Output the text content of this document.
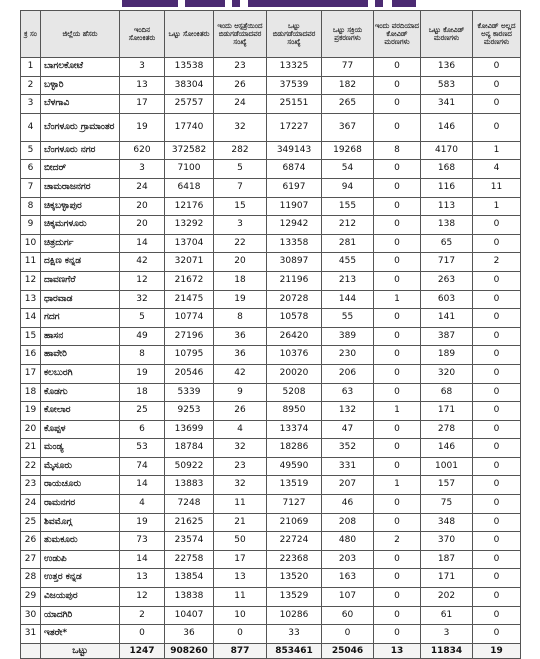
ಕ್ರ ಸಂ	ಜಿಲ್ಲೆಯ ಹೆಸರು	ಇಂದಿನ ಸೋಂಕಿತರು	ಒಟ್ಟು ಸೋಂಕಿತರು	ಇಂದು ಆಸ್ಪತ್ರೆಯಿಂದ ಬಿಡುಗಡೆಯಾದವರ ಸಂಖ್ಯೆ	ಒಟ್ಟು ಬಿಡುಗಡೆಯಾದವರ ಸಂಖ್ಯೆ	ಒಟ್ಟು ಸಕ್ರಿಯ ಪ್ರಕರಣಗಳು	ಇಂದು ವರದಿಯಾದ ಕೋವಿಡ್ ಮರಣಗಳು	ಒಟ್ಟು ಕೋವಿಡ್ ಮರಣಗಳು	ಕೋವಿಡ್ ಅಲ್ಲದ ಅನ್ಯ ಕಾರಣದ ಮರಣಗಳು
1	ಬಾಗಲಕೋಟೆ	3	13538	23	13325	77	0	136	0
2	ಬಳ್ಳಾರಿ	13	38304	26	37539	182	0	583	0
3	ಬೆಳಗಾವಿ	17	25757	24	25151	265	0	341	0
4	ಬೆಂಗಳೂರು ಗ್ರಾಮಾಂತರ	19	17740	32	17227	367	0	146	0
5	ಬೆಂಗಳೂರು ನಗರ	620	372582	282	349143	19268	8	4170	1
6	ಬೀದರ್	3	7100	5	6874	54	0	168	4
7	ಚಾಮರಾಜನಗರ	24	6418	7	6197	94	0	116	11
8	ಚಿಕ್ಕಬಳ್ಳಾಪುರ	20	12176	15	11907	155	0	113	1
9	ಚಿಕ್ಕಮಗಳೂರು	20	13292	3	12942	212	0	138	0
10	ಚಿತ್ರದುರ್ಗ	14	13704	22	13358	281	0	65	0
11	ದಕ್ಷಿಣ ಕನ್ನಡ	42	32071	20	30897	455	0	717	2
12	ದಾವಣಗೆರೆ	12	21672	18	21196	213	0	263	0
13	ಧಾರವಾಡ	32	21475	19	20728	144	1	603	0
14	ಗದಗ	5	10774	8	10578	55	0	141	0
15	ಹಾಸನ	49	27196	36	26420	389	0	387	0
16	ಹಾವೇರಿ	8	10795	36	10376	230	0	189	0
17	ಕಲಬುರಗಿ	19	20546	42	20020	206	0	320	0
18	ಕೊಡಗು	18	5339	9	5208	63	0	68	0
19	ಕೋಲಾರ	25	9253	26	8950	132	1	171	0
20	ಕೊಪ್ಪಳ	6	13699	4	13374	47	0	278	0
21	ಮಂಡ್ಯ	53	18784	32	18286	352	0	146	0
22	ಮೈಸೂರು	74	50922	23	49590	331	0	1001	0
23	ರಾಯಚೂರು	14	13883	32	13519	207	1	157	0
24	ರಾಮನಗರ	4	7248	11	7127	46	0	75	0
25	ಶಿವಮೊಗ್ಗ	19	21625	21	21069	208	0	348	0
26	ತುಮಕೂರು	73	23574	50	22724	480	2	370	0
27	ಉಡುಪಿ	14	22758	17	22368	203	0	187	0
28	ಉತ್ತರ ಕನ್ನಡ	13	13854	13	13520	163	0	171	0
29	ವಿಜಯಪುರ	12	13838	11	13529	107	0	202	0
30	ಯಾದಗಿರಿ	2	10407	10	10286	60	0	61	0
31	ಇತರೇ*	0	36	0	33	0	0	3	0
	ಒಟ್ಟು	1247	908260	877	853461	25046	13	11834	19
